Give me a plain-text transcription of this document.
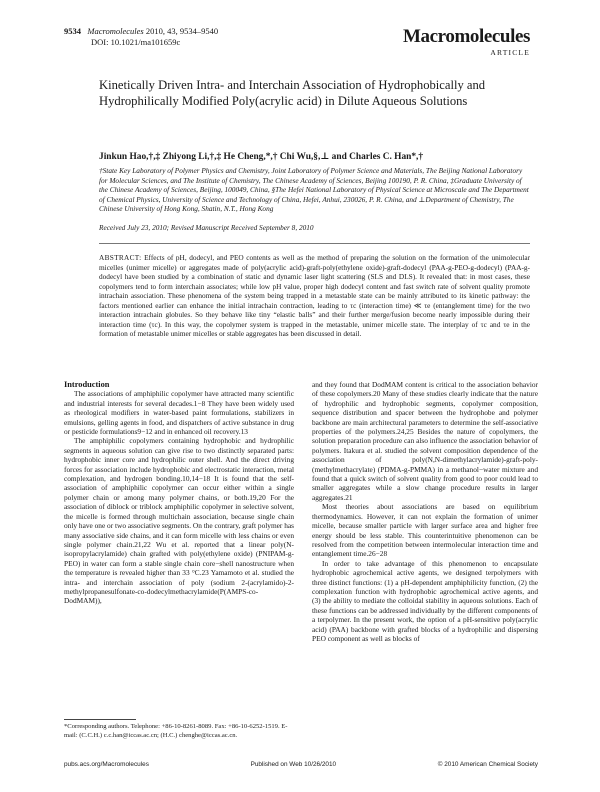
9534 Macromolecules 2010, 43, 9534–9540
DOI: 10.1021/ma101659c	Macromolecules
ARTICLE
Kinetically Driven Intra- and Interchain Association of Hydrophobically and Hydrophilically Modified Poly(acrylic acid) in Dilute Aqueous Solutions
Jinkun Hao,†,‡ Zhiyong Li,†,‡ He Cheng,*,† Chi Wu,§,⊥ and Charles C. Han*,†
†State Key Laboratory of Polymer Physics and Chemistry, Joint Laboratory of Polymer Science and Materials, The Beijing National Laboratory for Molecular Sciences, and The Institute of Chemistry, The Chinese Academy of Sciences, Beijing 100190, P. R. China, ‡Graduate University of the Chinese Academy of Sciences, Beijing, 100049, China, §The Hefei National Laboratory of Physical Science at Microscale and The Department of Chemical Physics, University of Science and Technology of China, Hefei, Anhui, 230026, P. R. China, and ⊥Department of Chemistry, The Chinese University of Hong Kong, Shatin, N.T., Hong Kong
Received July 23, 2010; Revised Manuscript Received September 8, 2010
ABSTRACT: Effects of pH, dodecyl, and PEO contents as well as the method of preparing the solution on the formation of the unimolecular micelles (unimer micelle) or aggregates made of poly(acrylic acid)-graft-poly(ethylene oxide)-graft-dodecyl (PAA-g-PEO-g-dodecyl) (PAA-g-dodecyl have been studied by a combination of static and dynamic laser light scattering (SLS and DLS). It revealed that: in most cases, these copolymers tend to form interchain associates; while low pH value, proper high dodecyl content and fast switch rate of solvent quality promote intrachain association. These phenomena of the system being trapped in a metastable state can be mainly attributed to its kinetic pathway: the factors mentioned earlier can enhance the initial intrachain contraction, leading to τc (interaction time) ≪ τe (entanglement time) for the two interaction intrachain globules. So they behave like tiny “elastic balls” and their further merge/fusion become nearly impossible during their interaction time (τc). In this way, the copolymer system is trapped in the metastable, unimer micelle state. The interplay of τc and τe in the formation of metastable unimer micelles or stable aggregates has been discussed in detail.

Introduction

The associations of amphiphilic copolymer have attracted many scientific and industrial interests for several decades.1−8 They have been widely used as rheological modifiers in water-based paint formulations, stabilizers in emulsions, gelling agents in food, and dispatchers of active substance in drug or pesticide formulations9−12 and in enhanced oil recovery.13

The amphiphilic copolymers containing hydrophobic and hydrophilic segments in aqueous solution can give rise to two distinctly separated parts: hydrophobic inner core and hydrophilic outer shell. And the direct driving forces for association include hydrophobic and electrostatic interaction, metal complexation, and hydrogen bonding.10,14−18 It is found that the self-association of amphiphilic copolymer can occur either within a single polymer chain or among many polymer chains, or both.19,20 For the association of diblock or triblock amphiphilic copolymer in selective solvent, the micelle is formed through multichain association, because single chain only have one or two associative segments. On the contrary, graft polymer has many associative side chains, and it can form micelle with less chains or even single polymer chain.21,22 Wu et al. reported that a linear poly(N-isopropylacrylamide) chain grafted with poly(ethylene oxide) (PNIPAM-g-PEO) in water can form a stable single chain core−shell nanostructure when the temperature is revealed higher than 33 °C.23 Yamamoto et al. studied the intra- and interchain association of poly (sodium 2-(acrylamido)-2-methylpropanesulfonate-co-dodecylmethacrylamide(P(AMPS-co-DodMAM)),

and they found that DodMAM content is critical to the association behavior of these copolymers.20 Many of these studies clearly indicate that the nature of hydrophilic and hydrophobic segments, copolymer composition, sequence distribution and spacer between the hydrophobe and polymer backbone are main architectural parameters to determine the self-associative properties of the polymers.24,25 Besides the nature of copolymers, the solution preparation procedure can also influence the association behavior of polymers. Itakura et al. studied the solvent composition dependence of the association of poly(N,N-dimethylacrylamide)-graft-poly-(methylmethacrylate) (PDMA-g-PMMA) in a methanol−water mixture and found that a quick switch of solvent quality from good to poor could lead to smaller aggregates while a slow change procedure results in larger aggregates.21

Most theories about associations are based on equilibrium thermodynamics. However, it can not explain the formation of unimer micelle, because smaller particle with larger surface area and higher free energy should be less stable. This counterintuitive phenomenon can be resolved from the competition between intermolecular interaction time and entanglement time.26−28

In order to take advantage of this phenomenon to encapsulate hydrophobic agrochemical active agents, we designed terpolymers with three distinct functions: (1) a pH-dependent amphiphilicity function, (2) the complexation function with hydrophobic agrochemical active agents, and (3) the ability to mediate the colloidal stability in aqueous solutions. Each of these functions can be addressed individually by the different components of a terpolymer. In the present work, the option of a pH-sensitive poly(acrylic acid) (PAA) backbone with grafted blocks of a hydrophilic and dispersing PEO component as well as blocks of

*Corresponding authors. Telephone: +86-10-8261-8089. Fax: +86-10-6252-1519. E-mail: (C.C.H.) c.c.han@iccas.ac.cn; (H.C.) chenghe@iccas.ac.cn.
pubs.acs.org/Macromolecules	Published on Web 10/26/2010	© 2010 American Chemical Society
